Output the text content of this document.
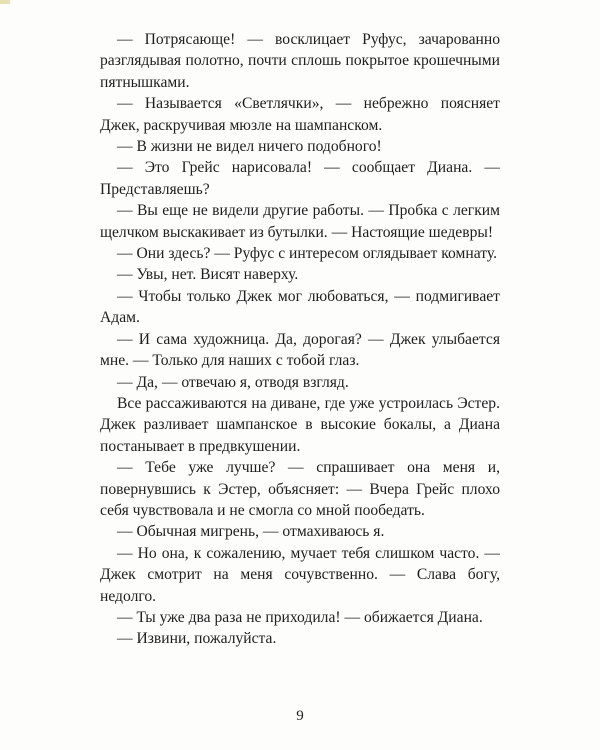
— Потрясающе! — восклицает Руфус, зачарованно разглядывая полотно, почти сплошь покрытое крошечными пятнышками.

— Называется «Светлячки», — небрежно поясняет Джек, раскручивая мюзле на шампанском.

— В жизни не видел ничего подобного!

— Это Грейс нарисовала! — сообщает Диана. — Представляешь?

— Вы еще не видели другие работы. — Пробка с легким щелчком выскакивает из бутылки. — Настоящие шедевры!

— Они здесь? — Руфус с интересом оглядывает комнату.

— Увы, нет. Висят наверху.

— Чтобы только Джек мог любоваться, — подмигивает Адам.

— И сама художница. Да, дорогая? — Джек улыбается мне. — Только для наших с тобой глаз.

— Да, — отвечаю я, отводя взгляд.

Все рассаживаются на диване, где уже устроилась Эстер. Джек разливает шампанское в высокие бокалы, а Диана постанывает в предвкушении.

— Тебе уже лучше? — спрашивает она меня и, повернувшись к Эстер, объясняет: — Вчера Грейс плохо себя чувствовала и не смогла со мной пообедать.

— Обычная мигрень, — отмахиваюсь я.

— Но она, к сожалению, мучает тебя слишком часто. — Джек смотрит на меня сочувственно. — Слава богу, недолго.

— Ты уже два раза не приходила! — обижается Диана.

— Извини, пожалуйста.

9
